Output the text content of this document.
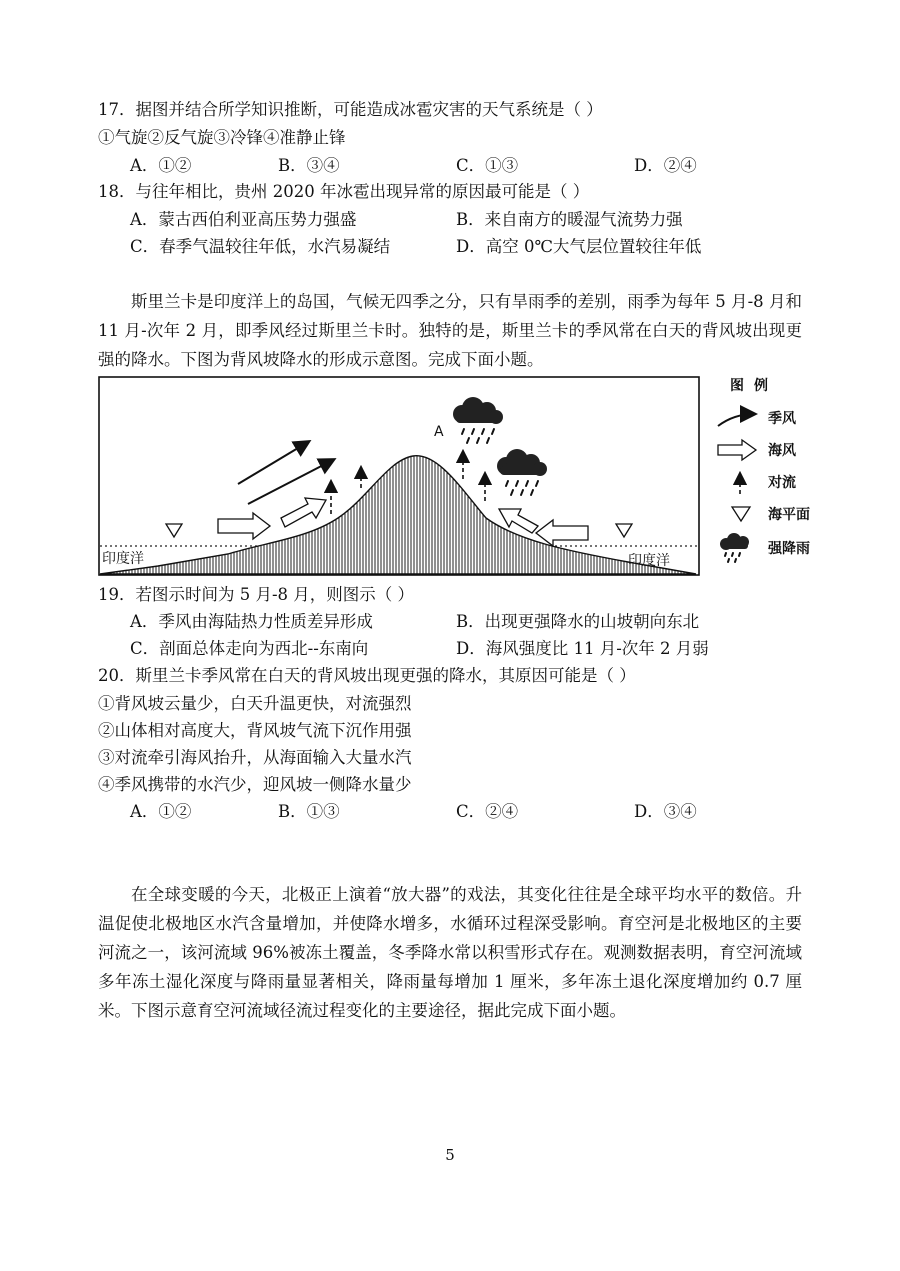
17．据图并结合所学知识推断，可能造成冰雹灾害的天气系统是（ ）
①气旋②反气旋③冷锋④准静止锋
A．①②	B．③④	C．①③	D．②④
18．与往年相比，贵州 2020 年冰雹出现异常的原因最可能是（ ）
A．蒙古西伯利亚高压势力强盛	B．来自南方的暖湿气流势力强
C．春季气温较往年低，水汽易凝结	D．高空 0℃大气层位置较往年低
斯里兰卡是印度洋上的岛国，气候无四季之分，只有旱雨季的差别，雨季为每年 5 月-8 月和 11 月-次年 2 月，即季风经过斯里兰卡时。独特的是，斯里兰卡的季风常在白天的背风坡出现更强的降水。下图为背风坡降水的形成示意图。完成下面小题。
A
印度洋	印度洋
图例
季风
海风
对流
海平面
强降雨
19．若图示时间为 5 月-8 月，则图示（ ）
A．季风由海陆热力性质差异形成	B．出现更强降水的山坡朝向东北
C．剖面总体走向为西北--东南向	D．海风强度比 11 月-次年 2 月弱
20．斯里兰卡季风常在白天的背风坡出现更强的降水，其原因可能是（ ）
①背风坡云量少，白天升温更快，对流强烈
②山体相对高度大，背风坡气流下沉作用强
③对流牵引海风抬升，从海面输入大量水汽
④季风携带的水汽少，迎风坡一侧降水量少
A．①②	B．①③	C．②④	D．③④
在全球变暖的今天，北极正上演着“放大器”的戏法，其变化往往是全球平均水平的数倍。升温促使北极地区水汽含量增加，并使降水增多，水循环过程深受影响。育空河是北极地区的主要河流之一，该河流域 96%被冻土覆盖，冬季降水常以积雪形式存在。观测数据表明，育空河流域多年冻土湿化深度与降雨量显著相关，降雨量每增加 1 厘米，多年冻土退化深度增加约 0.7 厘米。下图示意育空河流域径流过程变化的主要途径，据此完成下面小题。
5
